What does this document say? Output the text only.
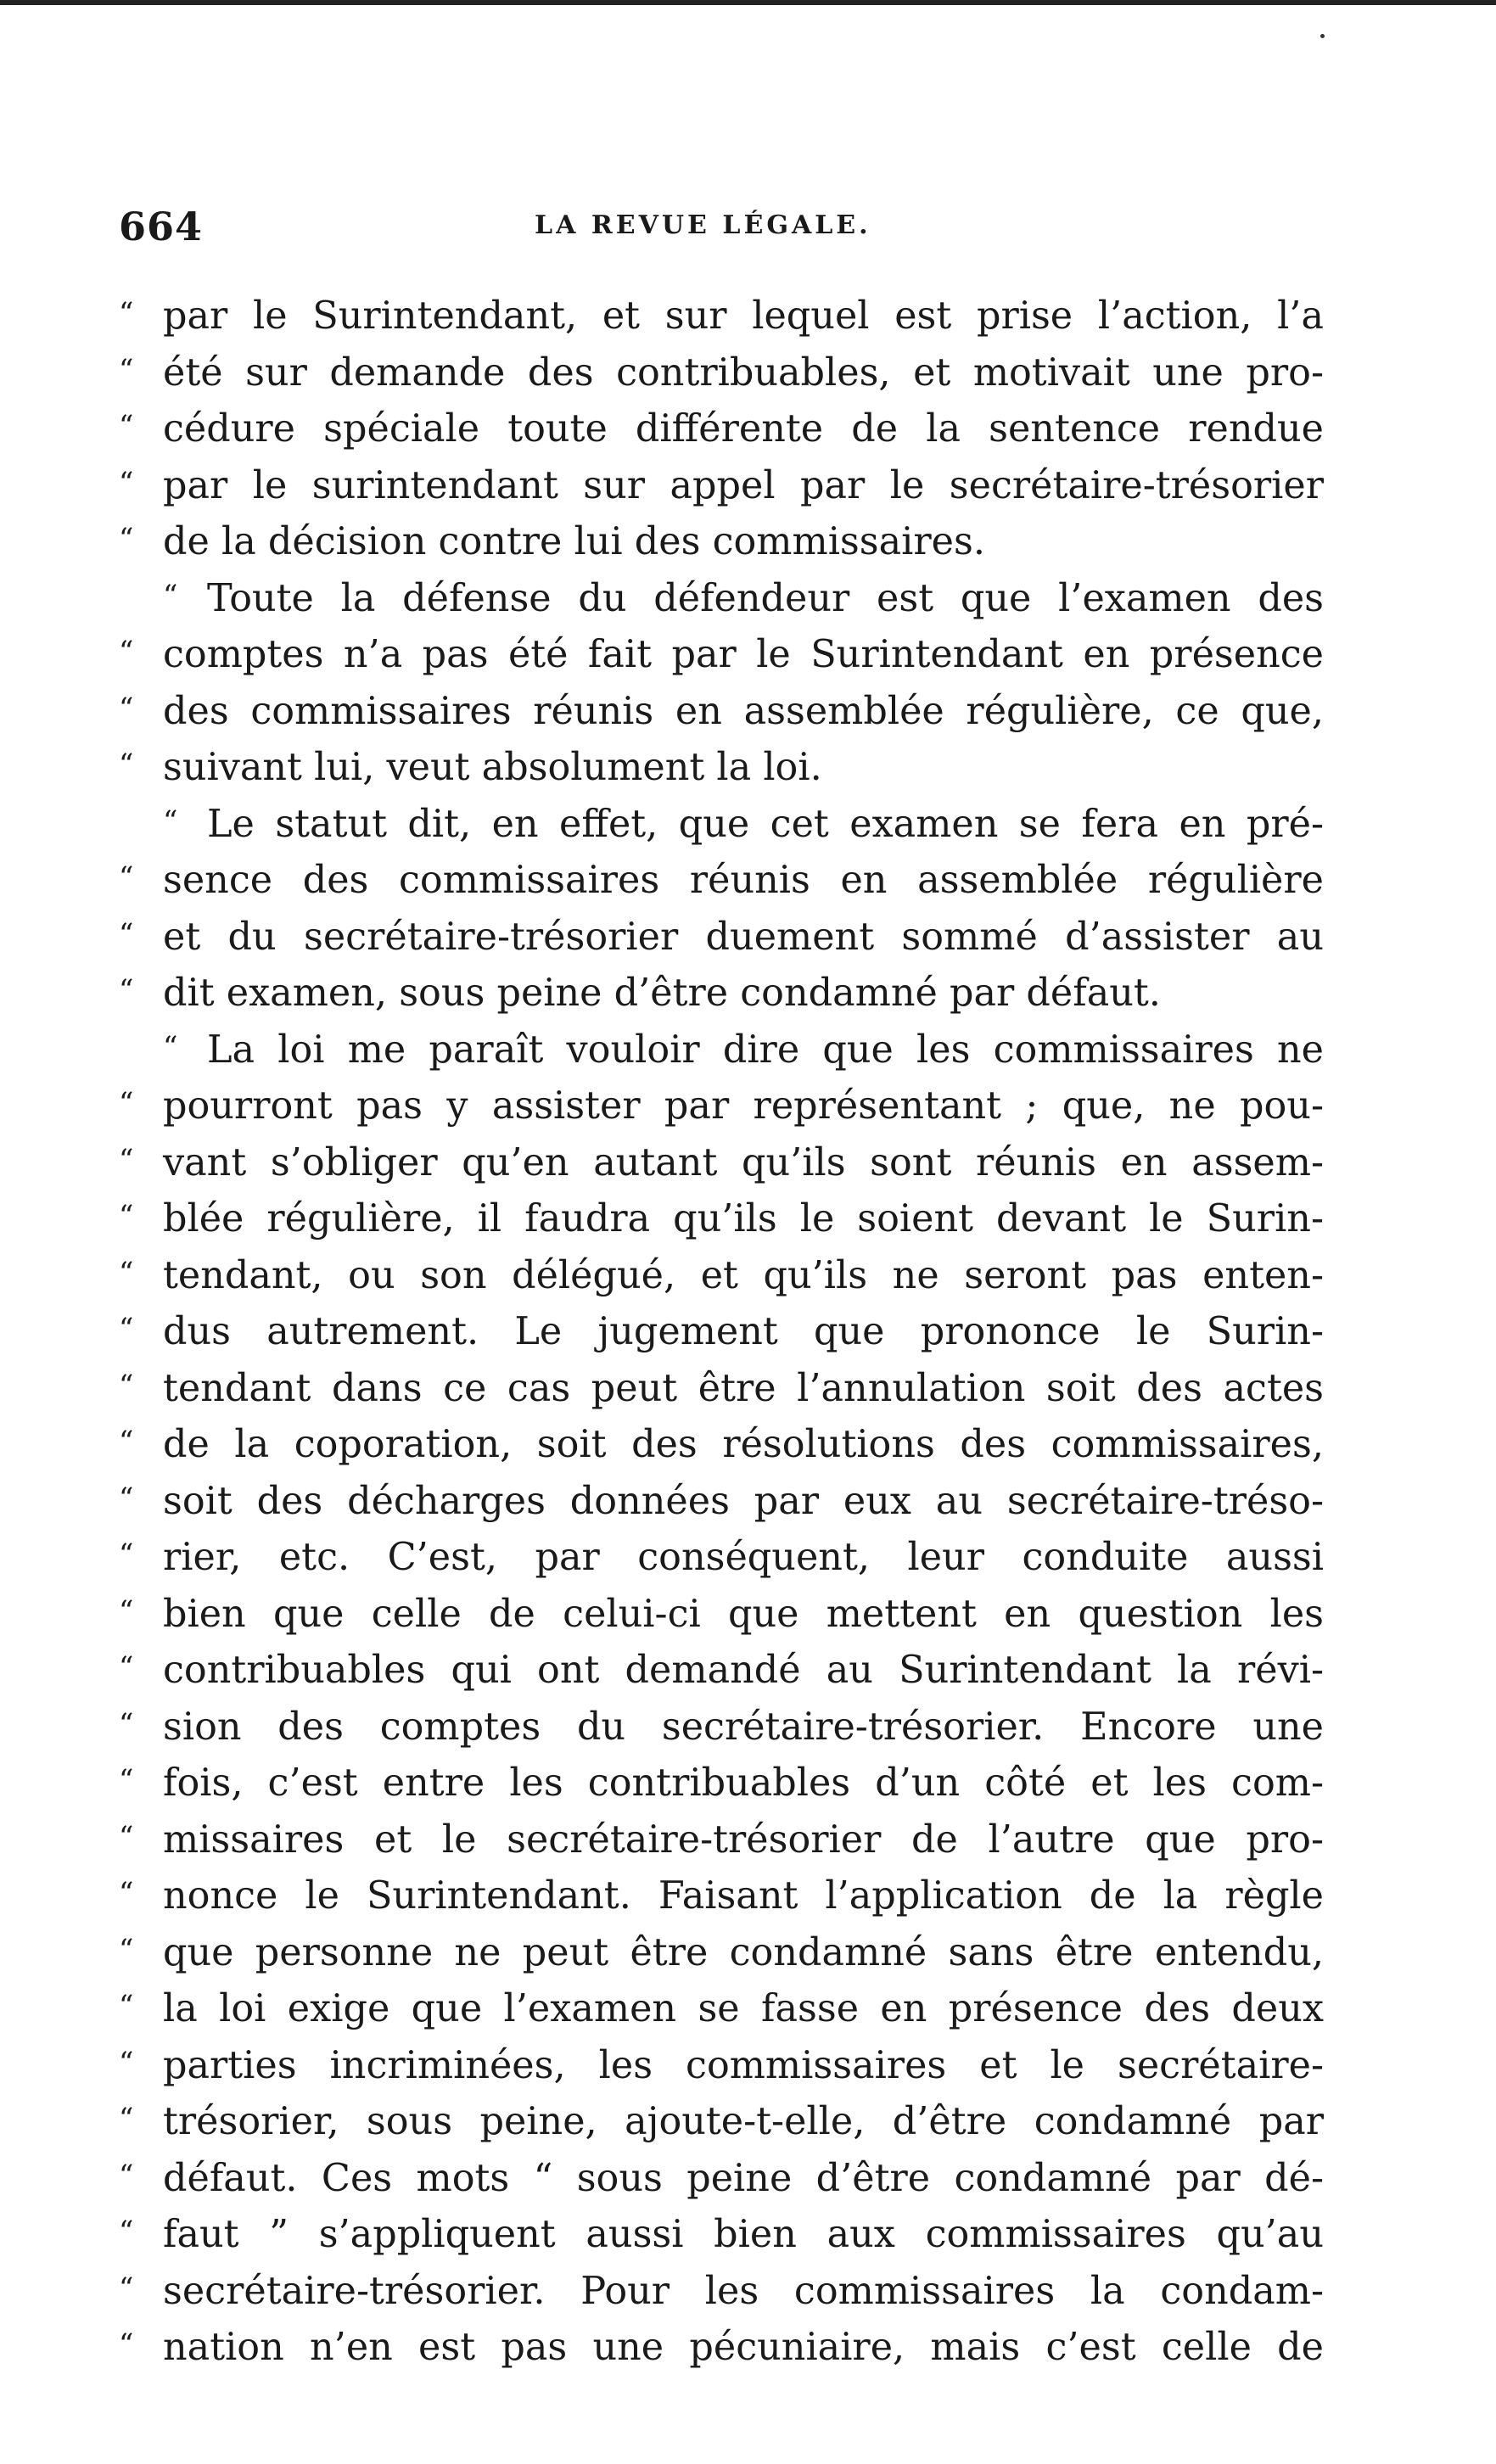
664	LA REVUE LÉGALE.
“ par le Surintendant, et sur lequel est prise l’action, l’a
“ été sur demande des contribuables, et motivait une pro-
“ cédure spéciale toute différente de la sentence rendue
“ par le surintendant sur appel par le secrétaire-trésorier
“ de la décision contre lui des commissaires.
“ Toute la défense du défendeur est que l’examen des
“ comptes n’a pas été fait par le Surintendant en présence
“ des commissaires réunis en assemblée régulière, ce que,
“ suivant lui, veut absolument la loi.
“ Le statut dit, en effet, que cet examen se fera en pré-
“ sence des commissaires réunis en assemblée régulière
“ et du secrétaire-trésorier duement sommé d’assister au
“ dit examen, sous peine d’être condamné par défaut.
“ La loi me paraît vouloir dire que les commissaires ne
“ pourront pas y assister par représentant ; que, ne pou-
“ vant s’obliger qu’en autant qu’ils sont réunis en assem-
“ blée régulière, il faudra qu’ils le soient devant le Surin-
“ tendant, ou son délégué, et qu’ils ne seront pas enten-
“ dus autrement. Le jugement que prononce le Surin-
“ tendant dans ce cas peut être l’annulation soit des actes
“ de la coporation, soit des résolutions des commissaires,
“ soit des décharges données par eux au secrétaire-tréso-
“ rier, etc. C’est, par conséquent, leur conduite aussi
“ bien que celle de celui-ci que mettent en question les
“ contribuables qui ont demandé au Surintendant la révi-
“ sion des comptes du secrétaire-trésorier. Encore une
“ fois, c’est entre les contribuables d’un côté et les com-
“ missaires et le secrétaire-trésorier de l’autre que pro-
“ nonce le Surintendant. Faisant l’application de la règle
“ que personne ne peut être condamné sans être entendu,
“ la loi exige que l’examen se fasse en présence des deux
“ parties incriminées, les commissaires et le secrétaire-
“ trésorier, sous peine, ajoute-t-elle, d’être condamné par
“ défaut. Ces mots “ sous peine d’être condamné par dé-
“ faut ” s’appliquent aussi bien aux commissaires qu’au
“ secrétaire-trésorier. Pour les commissaires la condam-
“ nation n’en est pas une pécuniaire, mais c’est celle de
